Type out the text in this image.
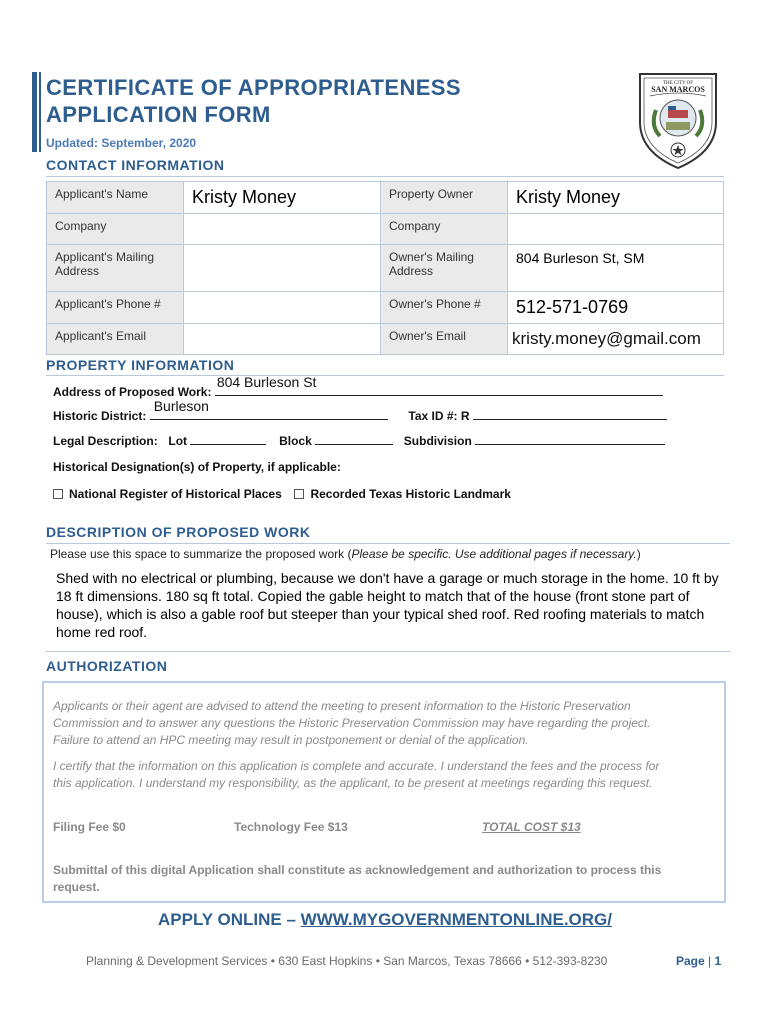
CERTIFICATE OF APPROPRIATENESS
APPLICATION FORM
Updated: September, 2020
THE CITY OF
SAN MARCOS
CONTACT INFORMATION
Applicant's Name	Kristy Money	Property Owner	Kristy Money
Company		Company	
Applicant's Mailing Address		Owner's Mailing Address	804 Burleson St, SM
Applicant's Phone #		Owner's Phone #	512-571-0769
Applicant's Email		Owner's Email	kristy.money@gmail.com
PROPERTY INFORMATION
Address of Proposed Work:
804 Burleson St
Historic District:
Burleson
Tax ID #: R
Legal Description: Lot	Block	Subdivision
Historical Designation(s) of Property, if applicable:
National Register of Historical Places Recorded Texas Historic Landmark
DESCRIPTION OF PROPOSED WORK
Please use this space to summarize the proposed work (Please be specific. Use additional pages if necessary.)
Shed with no electrical or plumbing, because we don't have a garage or much storage in the home. 10 ft by 18 ft dimensions. 180 sq ft total. Copied the gable height to match that of the house (front stone part of house), which is also a gable roof but steeper than your typical shed roof. Red roofing materials to match home red roof.
AUTHORIZATION
Applicants or their agent are advised to attend the meeting to present information to the Historic Preservation Commission and to answer any questions the Historic Preservation Commission may have regarding the project. Failure to attend an HPC meeting may result in postponement or denial of the application.
I certify that the information on this application is complete and accurate. I understand the fees and the process for this application. I understand my responsibility, as the applicant, to be present at meetings regarding this request.
Filing Fee $0	Technology Fee $13	TOTAL COST $13
Submittal of this digital Application shall constitute as acknowledgement and authorization to process this request.
APPLY ONLINE – WWW.MYGOVERNMENTONLINE.ORG/
Planning & Development Services • 630 East Hopkins • San Marcos, Texas 78666 • 512-393-8230	Page | 1
